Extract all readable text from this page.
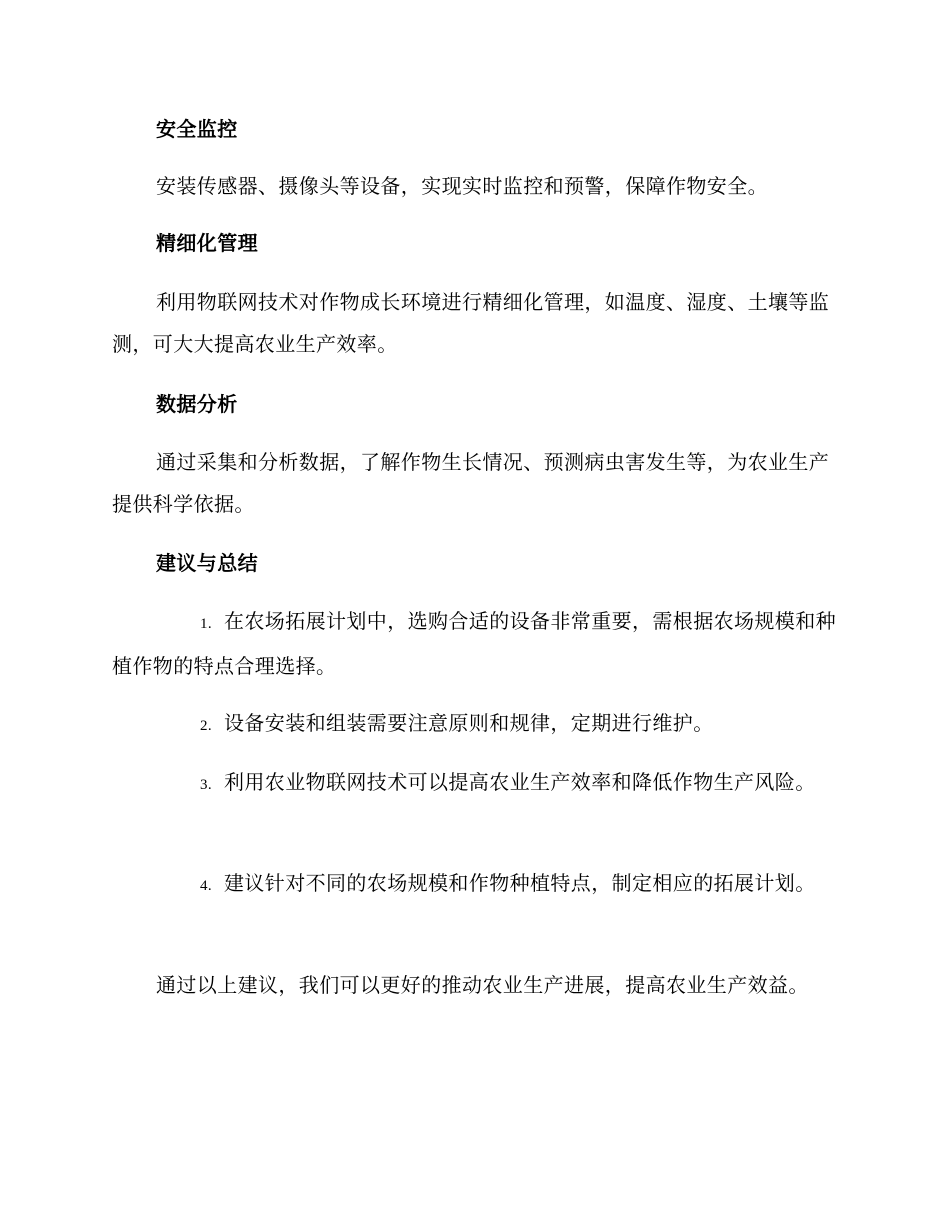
安全监控

安装传感器、摄像头等设备，实现实时监控和预警，保障作物安全。

精细化管理

利用物联网技术对作物成长环境进行精细化管理，如温度、湿度、土壤等监测，可大大提高农业生产效率。

数据分析

通过采集和分析数据，了解作物生长情况、预测病虫害发生等，为农业生产提供科学依据。

建议与总结

1. 在农场拓展计划中，选购合适的设备非常重要，需根据农场规模和种植作物的特点合理选择。

2. 设备安装和组装需要注意原则和规律，定期进行维护。

3. 利用农业物联网技术可以提高农业生产效率和降低作物生产风险。

4. 建议针对不同的农场规模和作物种植特点，制定相应的拓展计划。

通过以上建议，我们可以更好的推动农业生产进展，提高农业生产效益。
